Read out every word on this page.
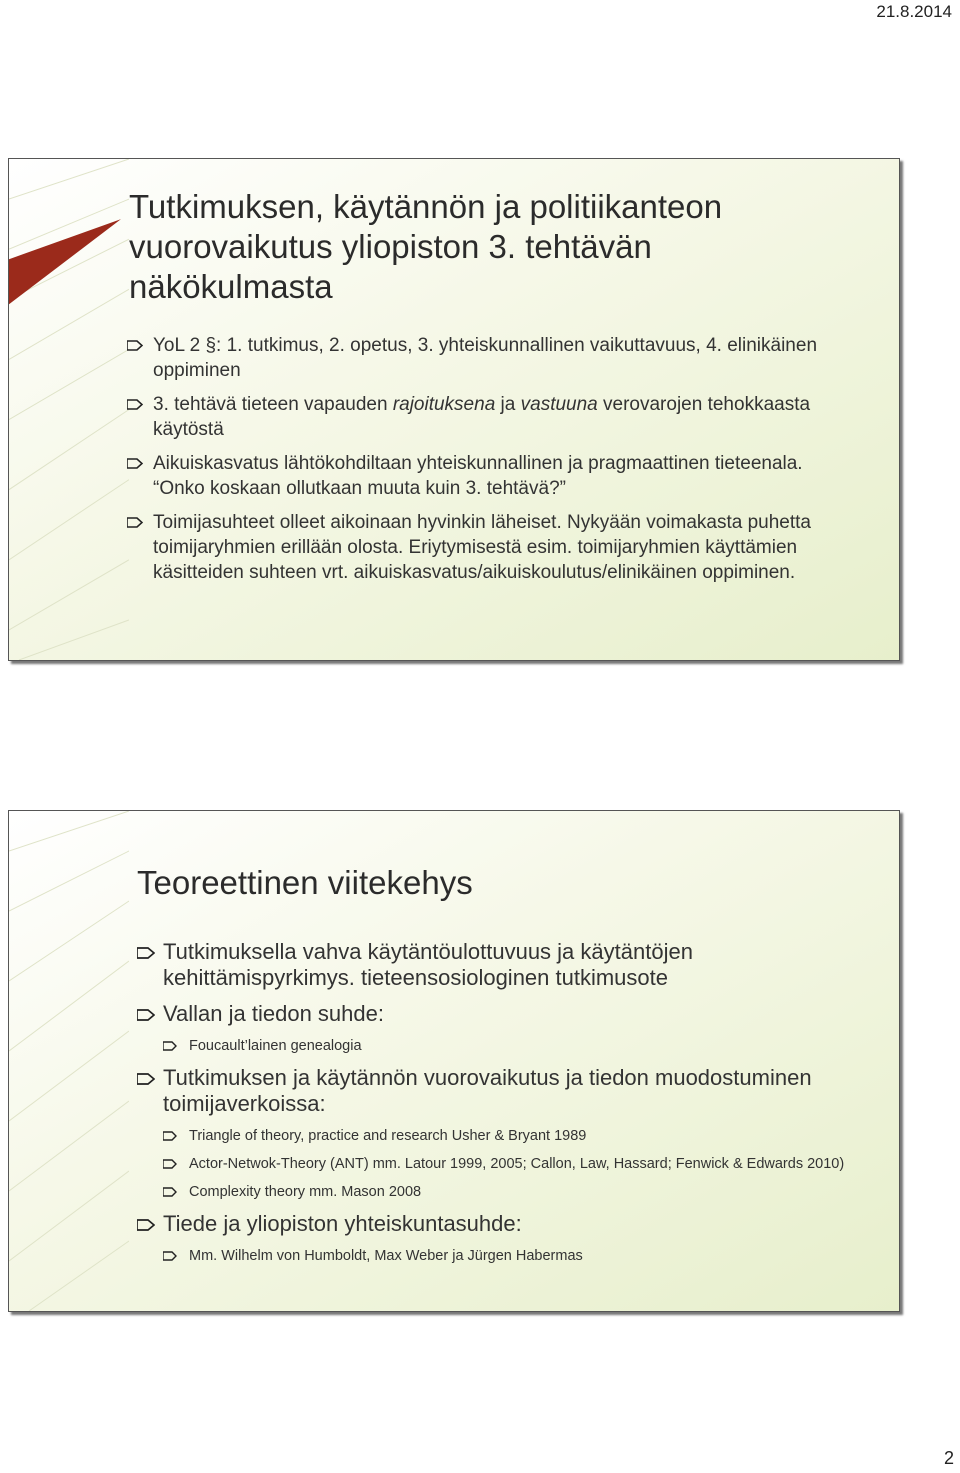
21.8.2014
Tutkimuksen, käytännön ja politiikanteon
vuorovaikutus yliopiston 3. tehtävän
näkökulmasta
YoL 2 §: 1. tutkimus, 2. opetus, 3. yhteiskunnallinen vaikuttavuus, 4. elinikäinen oppiminen
3. tehtävä tieteen vapauden rajoituksena ja vastuuna verovarojen tehokkaasta käytöstä
Aikuiskasvatus lähtökohdiltaan yhteiskunnallinen ja pragmaattinen tieteenala. “Onko koskaan ollutkaan muuta kuin 3. tehtävä?”
Toimijasuhteet olleet aikoinaan hyvinkin läheiset. Nykyään voimakasta puhetta toimijaryhmien erillään olosta. Eriytymisestä esim. toimijaryhmien käyttämien käsitteiden suhteen vrt. aikuiskasvatus/aikuiskoulutus/elinikäinen oppiminen.
Teoreettinen viitekehys
Tutkimuksella vahva käytäntöulottuvuus ja käytäntöjen kehittämispyrkimys. tieteensosiologinen tutkimusote
Vallan ja tiedon suhde:
Foucault’lainen genealogia
Tutkimuksen ja käytännön vuorovaikutus ja tiedon muodostuminen toimijaverkoissa:
Triangle of theory, practice and research Usher & Bryant 1989
Actor-Netwok-Theory (ANT) mm. Latour 1999, 2005; Callon, Law, Hassard; Fenwick & Edwards 2010)
Complexity theory mm. Mason 2008
Tiede ja yliopiston yhteiskuntasuhde:
Mm. Wilhelm von Humboldt, Max Weber ja Jürgen Habermas
2
